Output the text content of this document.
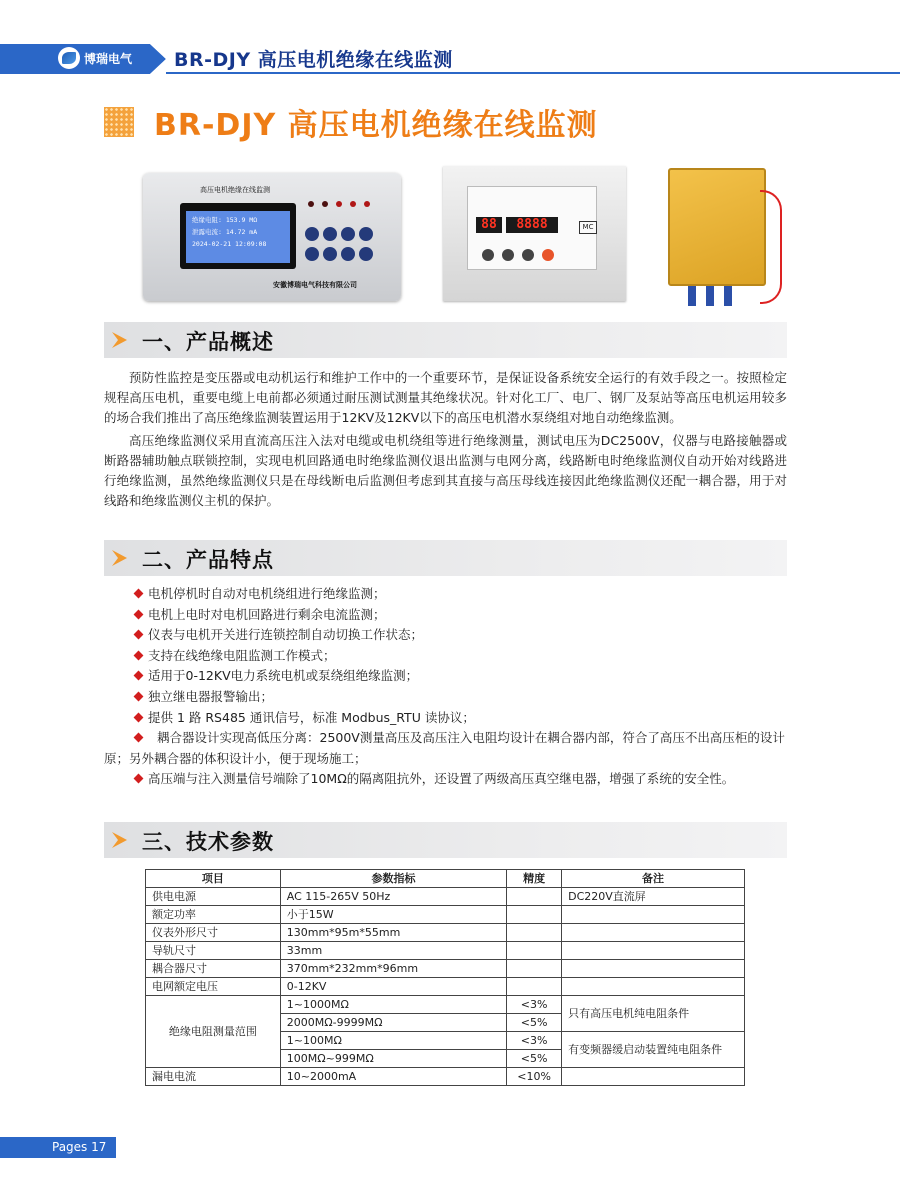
博瑞电气 BR-DJY 高压电机绝缘在线监测
BR-DJY 高压电机绝缘在线监测
高压电机绝缘在线监测
绝缘电阻: 153.9 MΩ
泄露电流: 14.72 mA
2024-02-21 12:09:08
安徽博瑞电气科技有限公司
88	8888	MC
一、产品概述

预防性监控是变压器或电动机运行和维护工作中的一个重要环节，是保证设备系统安全运行的有效手段之一。按照检定规程高压电机，重要电缆上电前都必须通过耐压测试测量其绝缘状况。针对化工厂、电厂、钢厂及泵站等高压电机运用较多的场合我们推出了高压绝缘监测装置运用于12KV及12KV以下的高压电机潜水泵绕组对地自动绝缘监测。

高压绝缘监测仪采用直流高压注入法对电缆或电机绕组等进行绝缘测量，测试电压为DC2500V，仪器与电路接触器或断路器辅助触点联锁控制，实现电机回路通电时绝缘监测仪退出监测与电网分离，线路断电时绝缘监测仪自动开始对线路进行绝缘监测，虽然绝缘监测仪只是在母线断电后监测但考虑到其直接与高压母线连接因此绝缘监测仪还配一耦合器，用于对线路和绝缘监测仪主机的保护。

二、产品特点
电机停机时自动对电机绕组进行绝缘监测；
电机上电时对电机回路进行剩余电流监测；
仪表与电机开关进行连锁控制自动切换工作状态；
支持在线绝缘电阻监测工作模式；
适用于0-12KV电力系统电机或泵绕组绝缘监测；
独立继电器报警输出；
提供 1 路 RS485 通讯信号，标准 Modbus_RTU 读协议；
耦合器设计实现高低压分离：2500V测量高压及高压注入电阻均设计在耦合器内部，符合了高压不出高压柜的设计原；另外耦合器的体积设计小，便于现场施工；
高压端与注入测量信号端除了10MΩ的隔离阻抗外，还设置了两级高压真空继电器，增强了系统的安全性。
三、技术参数
项目	参数指标	精度	备注
供电电源	AC 115-265V 50Hz		DC220V直流屏
额定功率	小于15W		
仪表外形尺寸	130mm*95m*55mm		
导轨尺寸	33mm		
耦合器尺寸	370mm*232mm*96mm		
电网额定电压	0-12KV		
绝缘电阻测量范围	1~1000MΩ	<3%	只有高压电机纯电阻条件
	2000MΩ-9999MΩ	<5%	
	1~100MΩ	<3%	有变频器缓启动装置纯电阻条件
	100MΩ~999MΩ	<5%	
漏电电流	10~2000mA	<10%	
Pages 17
